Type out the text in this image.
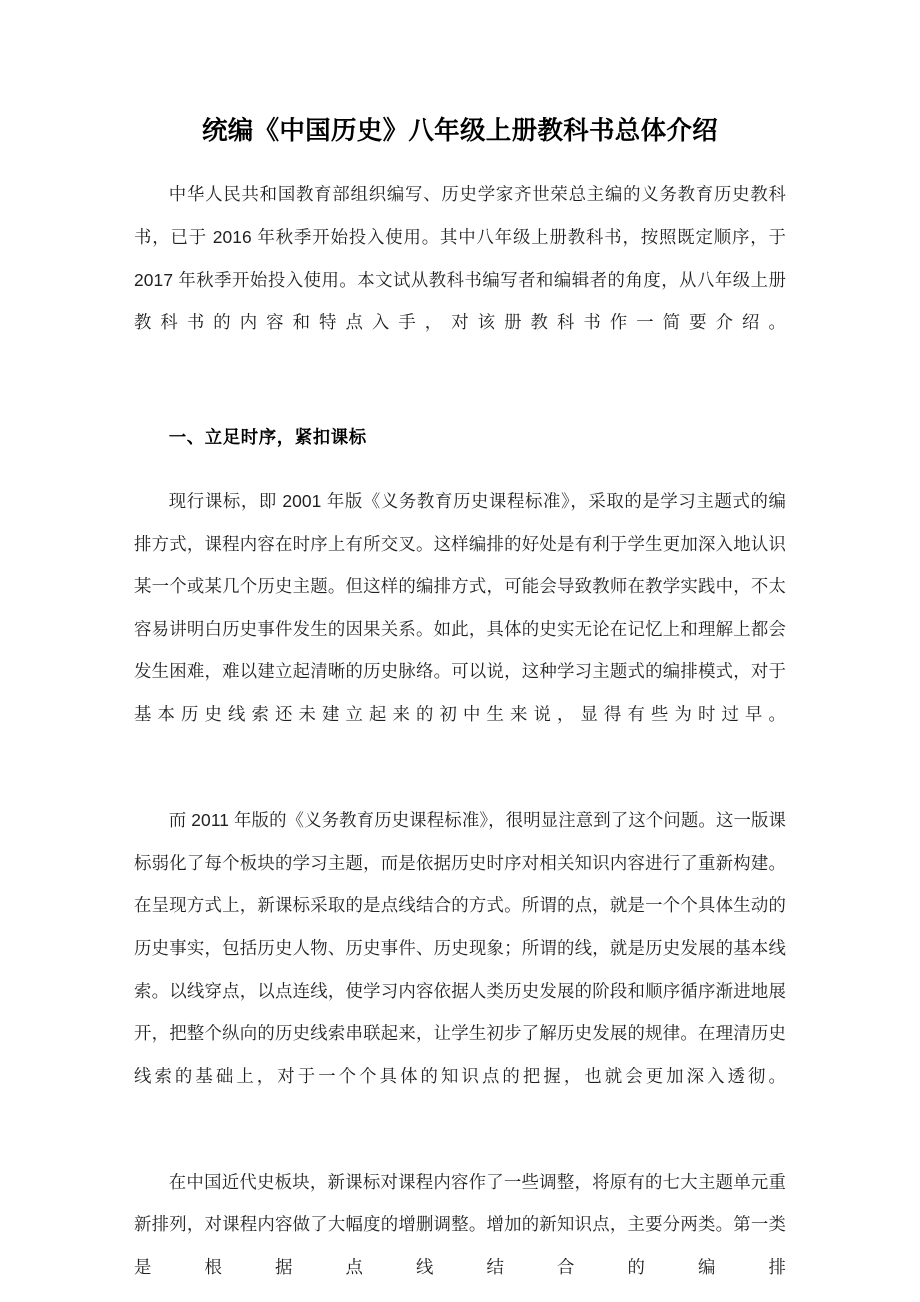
统编《中国历史》八年级上册教科书总体介绍

中华人民共和国教育部组织编写、历史学家齐世荣总主编的义务教育历史教科书，已于 2016 年秋季开始投入使用。其中八年级上册教科书，按照既定顺序，于 2017 年秋季开始投入使用。本文试从教科书编写者和编辑者的角度，从八年级上册教科书的内容和特点入手，对该册教科书作一简要介绍。

一、立足时序，紧扣课标

现行课标，即 2001 年版《义务教育历史课程标准》，采取的是学习主题式的编排方式，课程内容在时序上有所交叉。这样编排的好处是有利于学生更加深入地认识某一个或某几个历史主题。但这样的编排方式，可能会导致教师在教学实践中，不太容易讲明白历史事件发生的因果关系。如此，具体的史实无论在记忆上和理解上都会发生困难，难以建立起清晰的历史脉络。可以说，这种学习主题式的编排模式，对于基本历史线索还未建立起来的初中生来说，显得有些为时过早。

而 2011 年版的《义务教育历史课程标准》，很明显注意到了这个问题。这一版课标弱化了每个板块的学习主题，而是依据历史时序对相关知识内容进行了重新构建。在呈现方式上，新课标采取的是点线结合的方式。所谓的点，就是一个个具体生动的历史事实，包括历史人物、历史事件、历史现象；所谓的线，就是历史发展的基本线索。以线穿点，以点连线，使学习内容依据人类历史发展的阶段和顺序循序渐进地展开，把整个纵向的历史线索串联起来，让学生初步了解历史发展的规律。在理清历史线索的基础上，对于一个个具体的知识点的把握，也就会更加深入透彻。

在中国近代史板块，新课标对课程内容作了一些调整，将原有的七大主题单元重新排列，对课程内容做了大幅度的增删调整。增加的新知识点，主要分两类。第一类是根据点线结合的编排
